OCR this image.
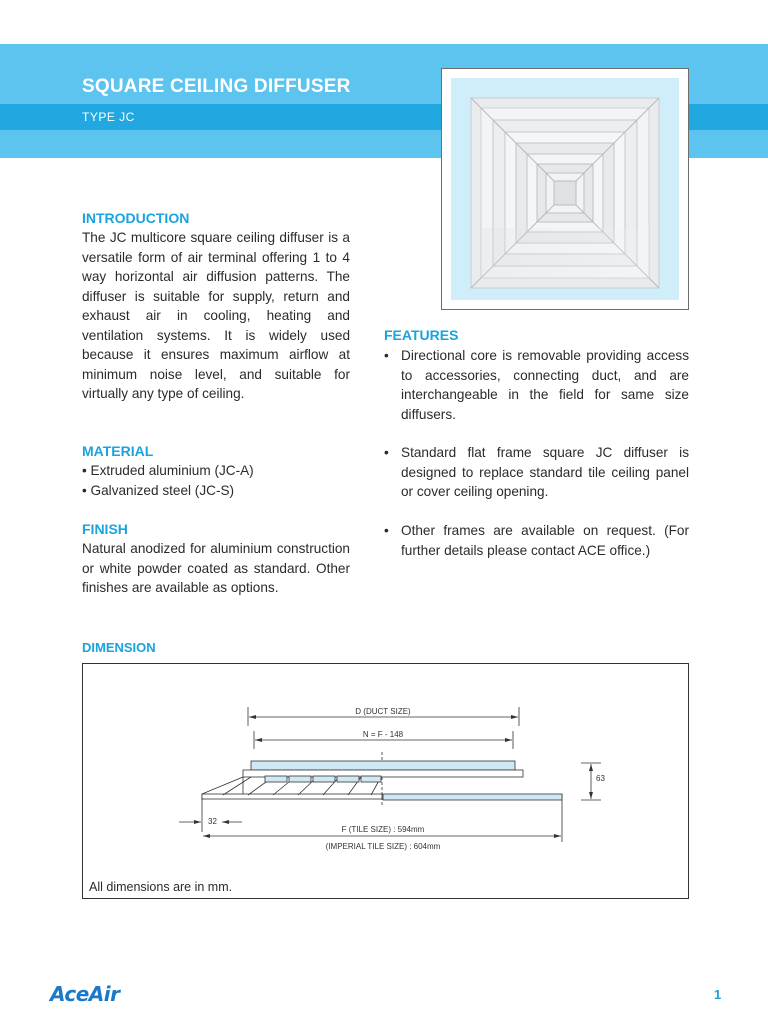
SQUARE CEILING DIFFUSER
TYPE JC
INTRODUCTION
The JC multicore square ceiling diffuser is a versatile form of air terminal offering 1 to 4 way horizontal air diffusion patterns. The diffuser is suitable for supply, return and exhaust air in cooling, heating and ventilation systems. It is widely used because it ensures maximum airflow at minimum noise level, and suitable for virtually any type of ceiling.
MATERIAL
• Extruded aluminium (JC-A)
• Galvanized steel (JC-S)
FINISH
Natural anodized for aluminium construction or white powder coated as standard. Other finishes are available as options.
FEATURES
• Directional core is removable providing access to accessories, connecting duct, and are interchangeable in the field for same size diffusers.
• Standard flat frame square JC diffuser is designed to replace standard tile ceiling panel or cover ceiling opening.
• Other frames are available on request. (For further details please contact ACE office.)
DIMENSION
D (DUCT SIZE)
N = F - 148
63
32
F (TILE SIZE) : 594mm
(IMPERIAL TILE SIZE) : 604mm
All dimensions are in mm.
AceAir	1
